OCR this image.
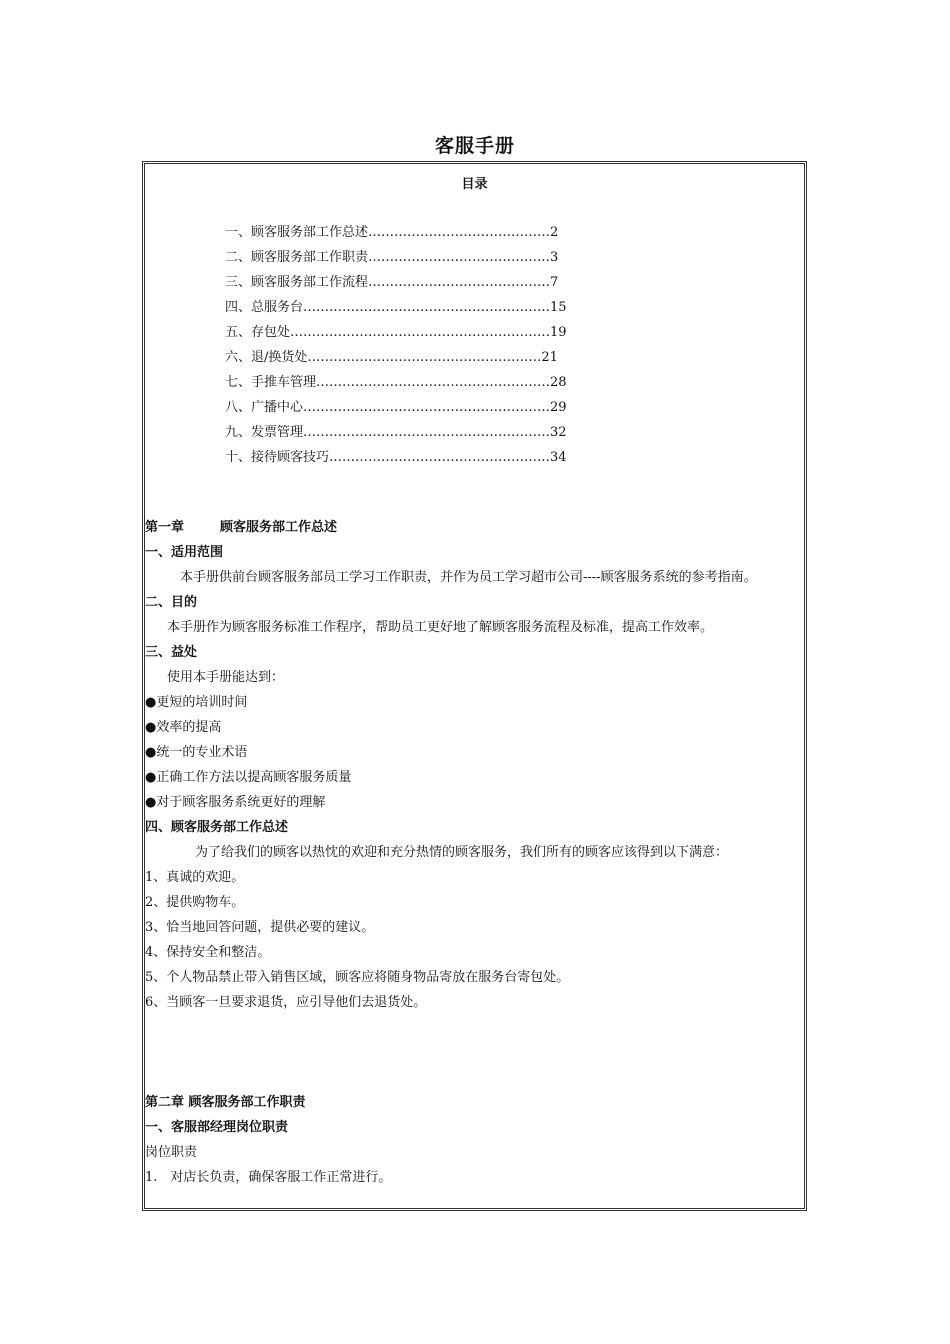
客服手册
目录
一、顾客服务部工作总述……………………………………2
二、顾客服务部工作职责……………………………………3
三、顾客服务部工作流程……………………………………7
四、总服务台…………………………………………………15
五、存包处……………………………………………………19
六、退/换货处………………………………………………21
七、手推车管理………………………………………………28
八、广播中心…………………………………………………29
九、发票管理…………………………………………………32
十、接待顾客技巧……………………………………………34
第一章	顾客服务部工作总述
一、适用范围
本手册供前台顾客服务部员工学习工作职责，并作为员工学习超市公司----顾客服务系统的参考指南。
二、目的
本手册作为顾客服务标准工作程序，帮助员工更好地了解顾客服务流程及标准，提高工作效率。
三、益处
使用本手册能达到：
●更短的培训时间
●效率的提高
●统一的专业术语
●正确工作方法以提高顾客服务质量
●对于顾客服务系统更好的理解
四、顾客服务部工作总述
为了给我们的顾客以热忱的欢迎和充分热情的顾客服务，我们所有的顾客应该得到以下满意：
1、真诚的欢迎。
2、提供购物车。
3、恰当地回答问题，提供必要的建议。
4、保持安全和整洁。
5、个人物品禁止带入销售区域，顾客应将随身物品寄放在服务台寄包处。
6、当顾客一旦要求退货，应引导他们去退货处。
第二章 顾客服务部工作职责
一、客服部经理岗位职责
岗位职责
1.　对店长负责，确保客服工作正常进行。
